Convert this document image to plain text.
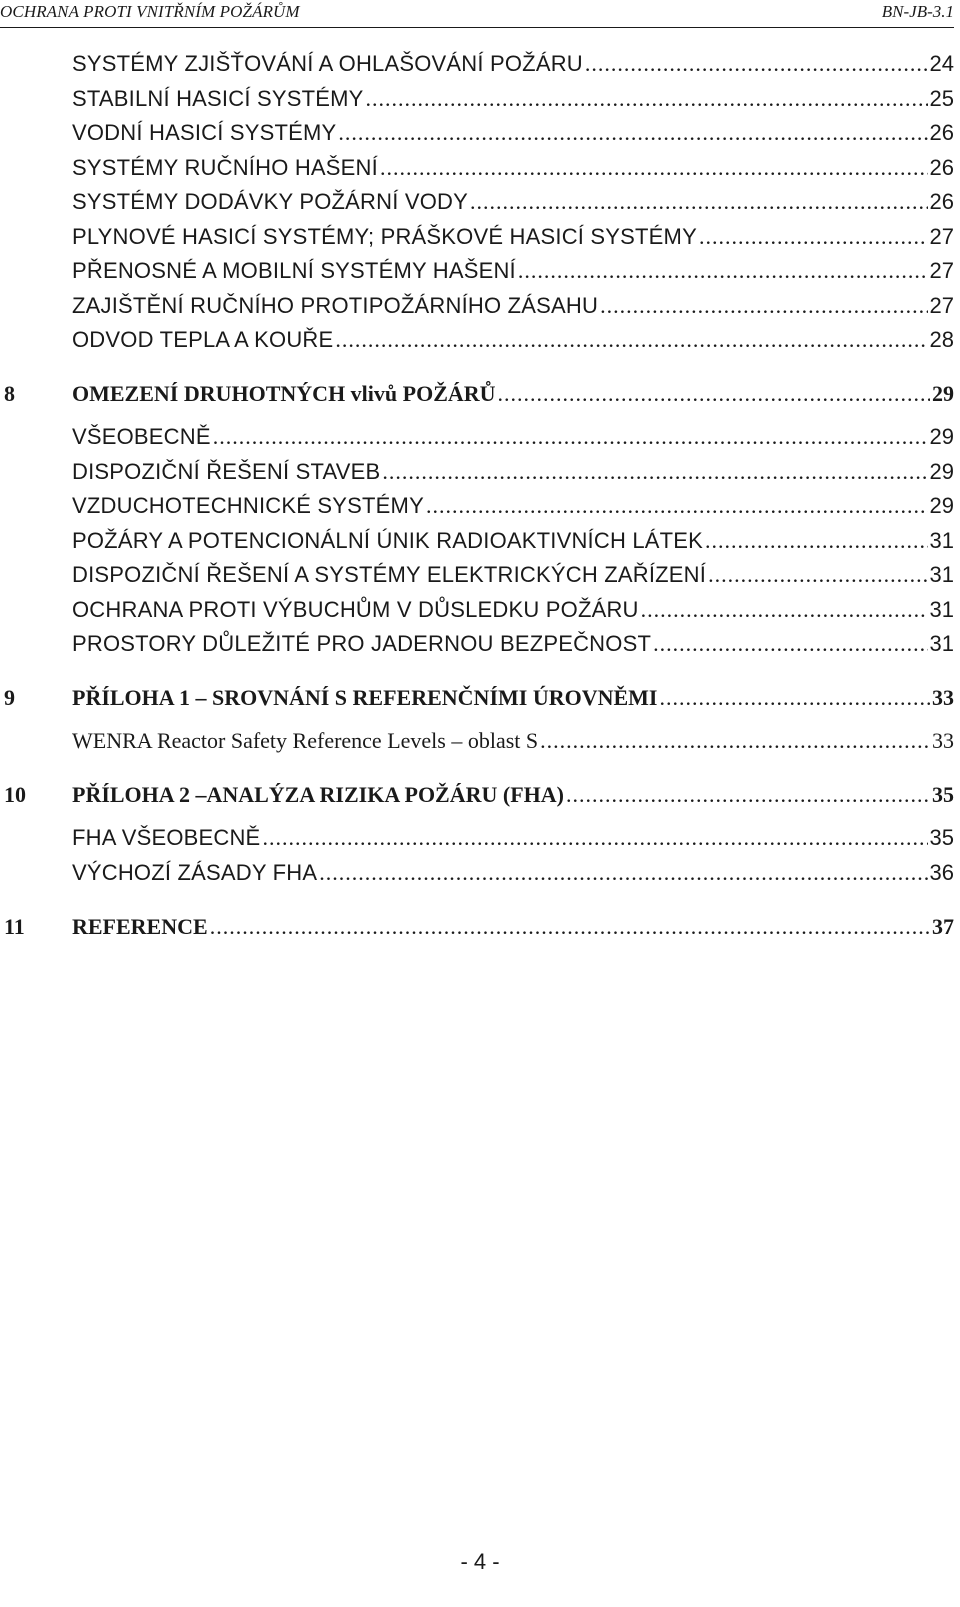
OCHRANA PROTI VNITŘNÍM POŽÁRŮM	BN-JB-3.1
SYSTÉMY ZJIŠŤOVÁNÍ A OHLAŠOVÁNÍ POŽÁRU .....	24
STABILNÍ HASICÍ SYSTÉMY .....	25
VODNÍ HASICÍ SYSTÉMY .....	26
SYSTÉMY RUČNÍHO HAŠENÍ .....	26
SYSTÉMY DODÁVKY POŽÁRNÍ VODY .....	26
PLYNOVÉ HASICÍ SYSTÉMY; PRÁŠKOVÉ HASICÍ SYSTÉMY .....	27
PŘENOSNÉ A MOBILNÍ SYSTÉMY HAŠENÍ .....	27
ZAJIŠTĚNÍ RUČNÍHO PROTIPOŽÁRNÍHO ZÁSAHU .....	27
ODVOD TEPLA A KOUŘE .....	28
8	OMEZENÍ DRUHOTNÝCH vlivů POŽÁRŮ .....	29
VŠEOBECNĚ .....	29
DISPOZIČNÍ ŘEŠENÍ STAVEB .....	29
VZDUCHOTECHNICKÉ SYSTÉMY .....	29
POŽÁRY A POTENCIONÁLNÍ ÚNIK RADIOAKTIVNÍCH LÁTEK .....	31
DISPOZIČNÍ ŘEŠENÍ A SYSTÉMY ELEKTRICKÝCH ZAŘÍZENÍ .....	31
OCHRANA PROTI VÝBUCHŮM V DŮSLEDKU POŽÁRU .....	31
PROSTORY DŮLEŽITÉ PRO JADERNOU BEZPEČNOST .....	31
9	PŘÍLOHA 1 – SROVNÁNÍ S REFERENČNÍMI ÚROVNĚMI .....	33
WENRA Reactor Safety Reference Levels – oblast S .....	33
10 PŘÍLOHA 2 –ANALÝZA RIZIKA POŽÁRU (FHA) .....	35
FHA VŠEOBECNĚ .....	35
VÝCHOZÍ ZÁSADY FHA .....	36
11 REFERENCE .....	37
- 4 -
